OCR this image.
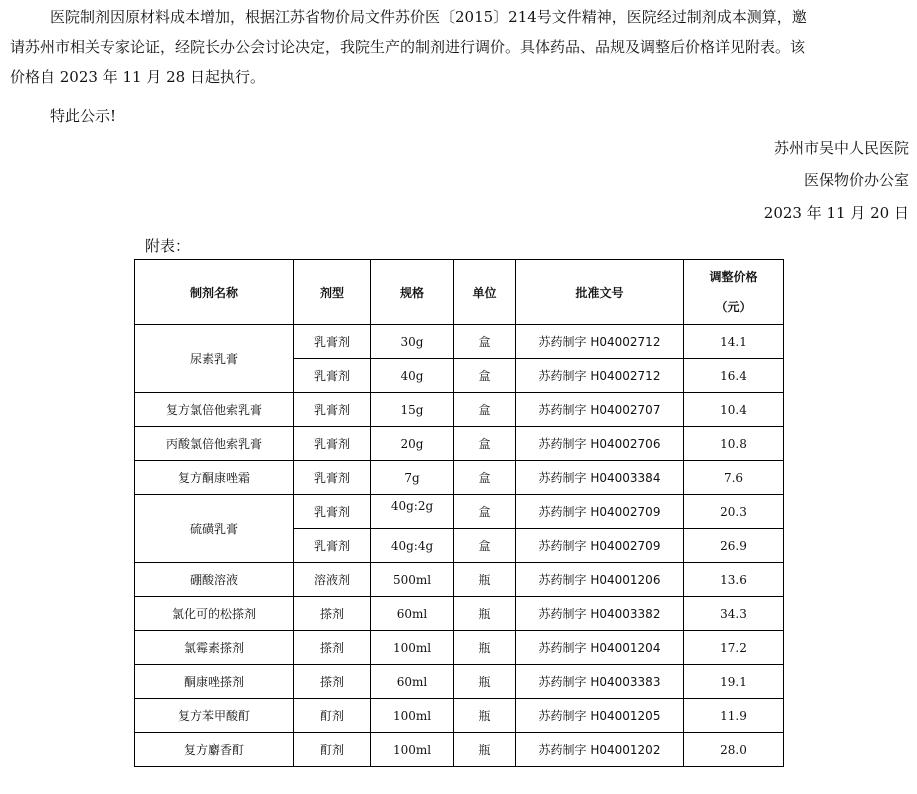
医院制剂因原材料成本增加，根据江苏省物价局文件苏价医〔2015〕214号文件精神，医院经过制剂成本测算，邀
请苏州市相关专家论证，经院长办公会讨论决定，我院生产的制剂进行调价。具体药品、品规及调整后价格详见附表。该
价格自 2023 年 11 月 28 日起执行。
特此公示!
苏州市吴中人民医院
医保物价办公室
2023 年 11 月 20 日
附表：
制剂名称	剂型	规格	单位	批准文号	调整价格
（元）

尿素乳膏	乳膏剂	30g	盒	苏药制字 H04002712	14.1
	乳膏剂	40g	盒	苏药制字 H04002712	16.4
复方氯倍他索乳膏	乳膏剂	15g	盒	苏药制字 H04002707	10.4
丙酸氯倍他索乳膏	乳膏剂	20g	盒	苏药制字 H04002706	10.8
复方酮康唑霜	乳膏剂	7g	盒	苏药制字 H04003384	7.6
硫磺乳膏	乳膏剂	40g:2g	盒	苏药制字 H04002709	20.3
	乳膏剂	40g:4g	盒	苏药制字 H04002709	26.9
硼酸溶液	溶液剂	500ml	瓶	苏药制字 H04001206	13.6
氯化可的松搽剂	搽剂	60ml	瓶	苏药制字 H04003382	34.3
氯霉素搽剂	搽剂	100ml	瓶	苏药制字 H04001204	17.2
酮康唑搽剂	搽剂	60ml	瓶	苏药制字 H04003383	19.1
复方苯甲酸酊	酊剂	100ml	瓶	苏药制字 H04001205	11.9
复方麝香酊	酊剂	100ml	瓶	苏药制字 H04001202	28.0
